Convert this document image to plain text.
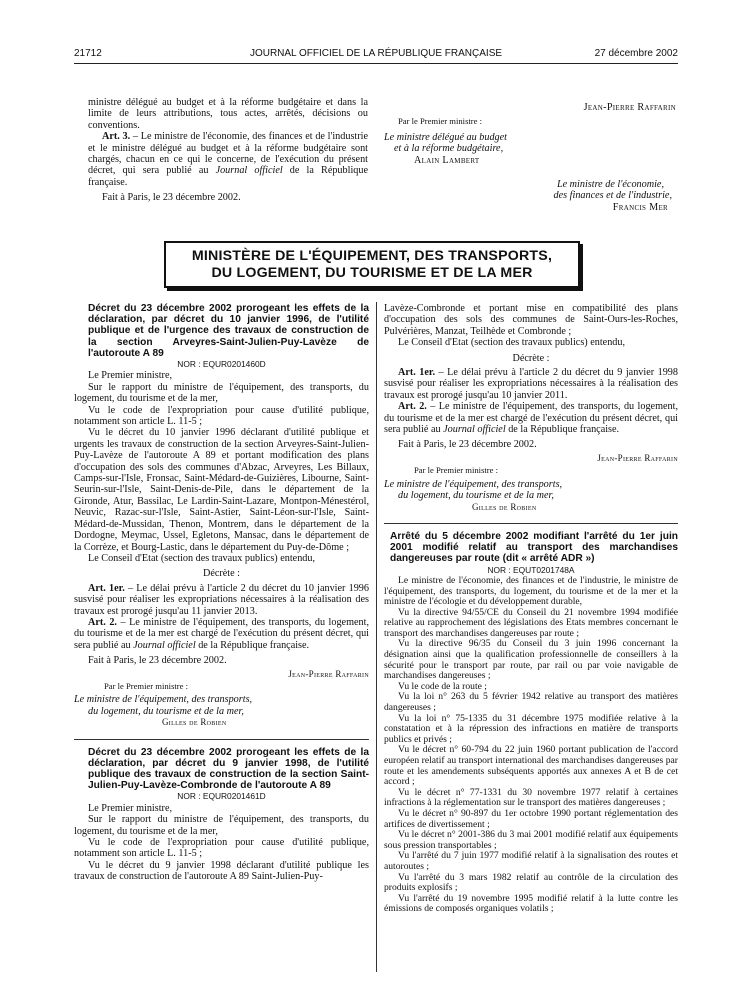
21712	JOURNAL OFFICIEL DE LA RÉPUBLIQUE FRANÇAISE	27 décembre 2002

ministre délégué au budget et à la réforme budgétaire et dans la limite de leurs attributions, tous actes, arrêtés, décisions ou conventions.

Art. 3. – Le ministre de l'économie, des finances et de l'industrie et le ministre délégué au budget et à la réforme budgétaire sont chargés, chacun en ce qui le concerne, de l'exécution du présent décret, qui sera publié au Journal officiel de la République française.

Fait à Paris, le 23 décembre 2002.

Jean-Pierre Raffarin

Par le Premier ministre :

Le ministre délégué au budget

et à la réforme budgétaire,

Alain Lambert

Le ministre de l'économie,

des finances et de l'industrie,

Francis Mer

MINISTÈRE DE L'ÉQUIPEMENT, DES TRANSPORTS,
DU LOGEMENT, DU TOURISME ET DE LA MER

Décret du 23 décembre 2002 prorogeant les effets de la déclaration, par décret du 10 janvier 1996, de l'utilité publique et de l'urgence des travaux de construction de la section Arveyres-Saint-Julien-Puy-Lavèze de l'autoroute A 89

NOR : EQUR0201460D

Le Premier ministre,

Sur le rapport du ministre de l'équipement, des transports, du logement, du tourisme et de la mer,

Vu le code de l'expropriation pour cause d'utilité publique, notamment son article L. 11-5 ;

Vu le décret du 10 janvier 1996 déclarant d'utilité publique et urgents les travaux de construction de la section Arveyres-Saint-Julien-Puy-Lavèze de l'autoroute A 89 et portant modification des plans d'occupation des sols des communes d'Abzac, Arveyres, Les Billaux, Camps-sur-l'Isle, Fronsac, Saint-Médard-de-Guizières, Libourne, Saint-Seurin-sur-l'Isle, Saint-Denis-de-Pile, dans le département de la Gironde, Atur, Bassilac, Le Lardin-Saint-Lazare, Montpon-Ménestérol, Neuvic, Razac-sur-l'Isle, Saint-Astier, Saint-Léon-sur-l'Isle, Saint-Médard-de-Mussidan, Thenon, Montrem, dans le département de la Dordogne, Meymac, Ussel, Egletons, Mansac, dans le département de la Corrèze, et Bourg-Lastic, dans le département du Puy-de-Dôme ;

Le Conseil d'Etat (section des travaux publics) entendu,

Décrète :

Art. 1er. – Le délai prévu à l'article 2 du décret du 10 janvier 1996 susvisé pour réaliser les expropriations nécessaires à la réalisation des travaux est prorogé jusqu'au 11 janvier 2013.

Art. 2. – Le ministre de l'équipement, des transports, du logement, du tourisme et de la mer est chargé de l'exécution du présent décret, qui sera publié au Journal officiel de la République française.

Fait à Paris, le 23 décembre 2002.

Jean-Pierre Raffarin

Par le Premier ministre :

Le ministre de l'équipement, des transports,

du logement, du tourisme et de la mer,

Gilles de Robien

Décret du 23 décembre 2002 prorogeant les effets de la déclaration, par décret du 9 janvier 1998, de l'utilité publique des travaux de construction de la section Saint-Julien-Puy-Lavèze-Combronde de l'autoroute A 89

NOR : EQUR0201461D

Le Premier ministre,

Sur le rapport du ministre de l'équipement, des transports, du logement, du tourisme et de la mer,

Vu le code de l'expropriation pour cause d'utilité publique, notamment son article L. 11-5 ;

Vu le décret du 9 janvier 1998 déclarant d'utilité publique les travaux de construction de l'autoroute A 89 Saint-Julien-Puy-

Lavèze-Combronde et portant mise en compatibilité des plans d'occupation des sols des communes de Saint-Ours-les-Roches, Pulvérières, Manzat, Teilhède et Combronde ;

Le Conseil d'Etat (section des travaux publics) entendu,

Décrète :

Art. 1er. – Le délai prévu à l'article 2 du décret du 9 janvier 1998 susvisé pour réaliser les expropriations nécessaires à la réalisation des travaux est prorogé jusqu'au 10 janvier 2011.

Art. 2. – Le ministre de l'équipement, des transports, du logement, du tourisme et de la mer est chargé de l'exécution du présent décret, qui sera publié au Journal officiel de la République française.

Fait à Paris, le 23 décembre 2002.

Jean-Pierre Raffarin

Par le Premier ministre :

Le ministre de l'équipement, des transports,

du logement, du tourisme et de la mer,

Gilles de Robien

Arrêté du 5 décembre 2002 modifiant l'arrêté du 1er juin 2001 modifié relatif au transport des marchandises dangereuses par route (dit « arrêté ADR »)

NOR : EQUT0201748A

Le ministre de l'économie, des finances et de l'industrie, le ministre de l'équipement, des transports, du logement, du tourisme et de la mer et la ministre de l'écologie et du développement durable,

Vu la directive 94/55/CE du Conseil du 21 novembre 1994 modifiée relative au rapprochement des législations des Etats membres concernant le transport des marchandises dangereuses par route ;

Vu la directive 96/35 du Conseil du 3 juin 1996 concernant la désignation ainsi que la qualification professionnelle de conseillers à la sécurité pour le transport par route, par rail ou par voie navigable de marchandises dangereuses ;

Vu le code de la route ;

Vu la loi n° 263 du 5 février 1942 relative au transport des matières dangereuses ;

Vu la loi n° 75-1335 du 31 décembre 1975 modifiée relative à la constatation et à la répression des infractions en matière de transports publics et privés ;

Vu le décret n° 60-794 du 22 juin 1960 portant publication de l'accord européen relatif au transport international des marchandises dangereuses par route et les amendements subséquents apportés aux annexes A et B de cet accord ;

Vu le décret n° 77-1331 du 30 novembre 1977 relatif à certaines infractions à la réglementation sur le transport des matières dangereuses ;

Vu le décret n° 90-897 du 1er octobre 1990 portant réglementation des artifices de divertissement ;

Vu le décret n° 2001-386 du 3 mai 2001 modifié relatif aux équipements sous pression transportables ;

Vu l'arrêté du 7 juin 1977 modifié relatif à la signalisation des routes et autoroutes ;

Vu l'arrêté du 3 mars 1982 relatif au contrôle de la circulation des produits explosifs ;

Vu l'arrêté du 19 novembre 1995 modifié relatif à la lutte contre les émissions de composés organiques volatils ;
